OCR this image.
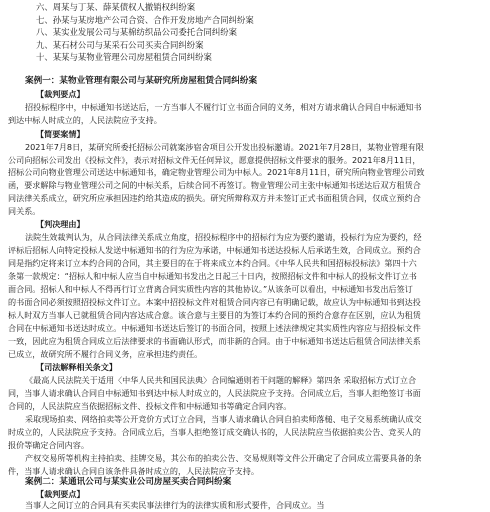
六、周某与丁某、薛某债权人撤销权纠纷案
七、孙某与某房地产公司合资、合作开发房地产合同纠纷案
八、某实业发展公司与某棉纺织品公司委托合同纠纷案
九、某石材公司与某采石公司买卖合同纠纷案
十、某某与某物业管理公司房屋租赁合同纠纷案
案例一：某物业管理有限公司与某研究所房屋租赁合同纠纷案
【裁判要点】
招投标程序中，中标通知书送达后，一方当事人不履行订立书面合同的义务，相对方请求确认合同自中标通知书
到达中标人时成立的，人民法院应予支持。
【简要案情】
2021年7月8日，某研究所委托招标公司就案涉宿舍项目公开发出投标邀请。2021年7月28日，某物业管理有限
公司向招标公司发出《投标文件》，表示对招标文件无任何异议，愿意提供招标文件要求的服务。2021年8月11日，
招标公司向物业管理公司送达中标通知书，确定物业管理公司为中标人。2021年8月11日，研究所向物业管理公司致
函，要求解除与物业管理公司之间的中标关系，后续合同不再签订。物业管理公司主张中标通知书送达后双方租赁合
同法律关系成立，研究所应承担因违约给其造成的损失。研究所辩称双方并未签订正式书面租赁合同，仅成立预约合
同关系。
【判决理由】
法院生效裁判认为，从合同法律关系成立角度，招投标程序中的招标行为应为要约邀请，投标行为应为要约，经
评标后招标人向特定投标人发送中标通知书的行为应为承诺，中标通知书送达投标人后承诺生效，合同成立。预约合
同是指约定将来订立本约合同的合同，其主要目的在于将来成立本约合同。《中华人民共和国招标投标法》第四十六
条第一款规定：“招标人和中标人应当自中标通知书发出之日起三十日内，按照招标文件和中标人的投标文件订立书
面合同。招标人和中标人不得再行订立背离合同实质性内容的其他协议。”从该条可以看出，中标通知书发出后签订
的书面合同必须按照招投标文件订立。本案中招投标文件对租赁合同内容已有明确记载，故应认为中标通知书到达投
标人时双方当事人已就租赁合同内容达成合意。该合意与主要目的为签订本约合同的预约合意存在区别，应认为租赁
合同在中标通知书送达时成立。中标通知书送达后签订的书面合同，按照上述法律规定其实质性内容应与招投标文件
一致，因此应为租赁合同成立后法律要求的书面确认形式，而非新的合同。由于中标通知书送达后租赁合同法律关系
已成立，故研究所不履行合同义务，应承担违约责任。
【司法解释相关条文】
《最高人民法院关于适用〈中华人民共和国民法典〉合同编通则若干问题的解释》第四条 采取招标方式订立合
同，当事人请求确认合同自中标通知书到达中标人时成立的，人民法院应予支持。合同成立后，当事人拒绝签订书面
合同的，人民法院应当依据招标文件、投标文件和中标通知书等确定合同内容。
采取现场拍卖、网络拍卖等公开竞价方式订立合同，当事人请求确认合同自拍卖师落槌、电子交易系统确认成交
时成立的，人民法院应予支持。合同成立后，当事人拒绝签订成交确认书的，人民法院应当依据拍卖公告、竞买人的
报价等确定合同内容。
产权交易所等机构主持拍卖、挂牌交易，其公布的拍卖公告、交易规则等文件公开确定了合同成立需要具备的条
件，当事人请求确认合同自该条件具备时成立的，人民法院应予支持。
案例二：某通讯公司与某实业公司房屋买卖合同纠纷案
【裁判要点】
当事人之间订立的合同具有买卖民事法律行为的法律实质和形式要件，合同成立。当
